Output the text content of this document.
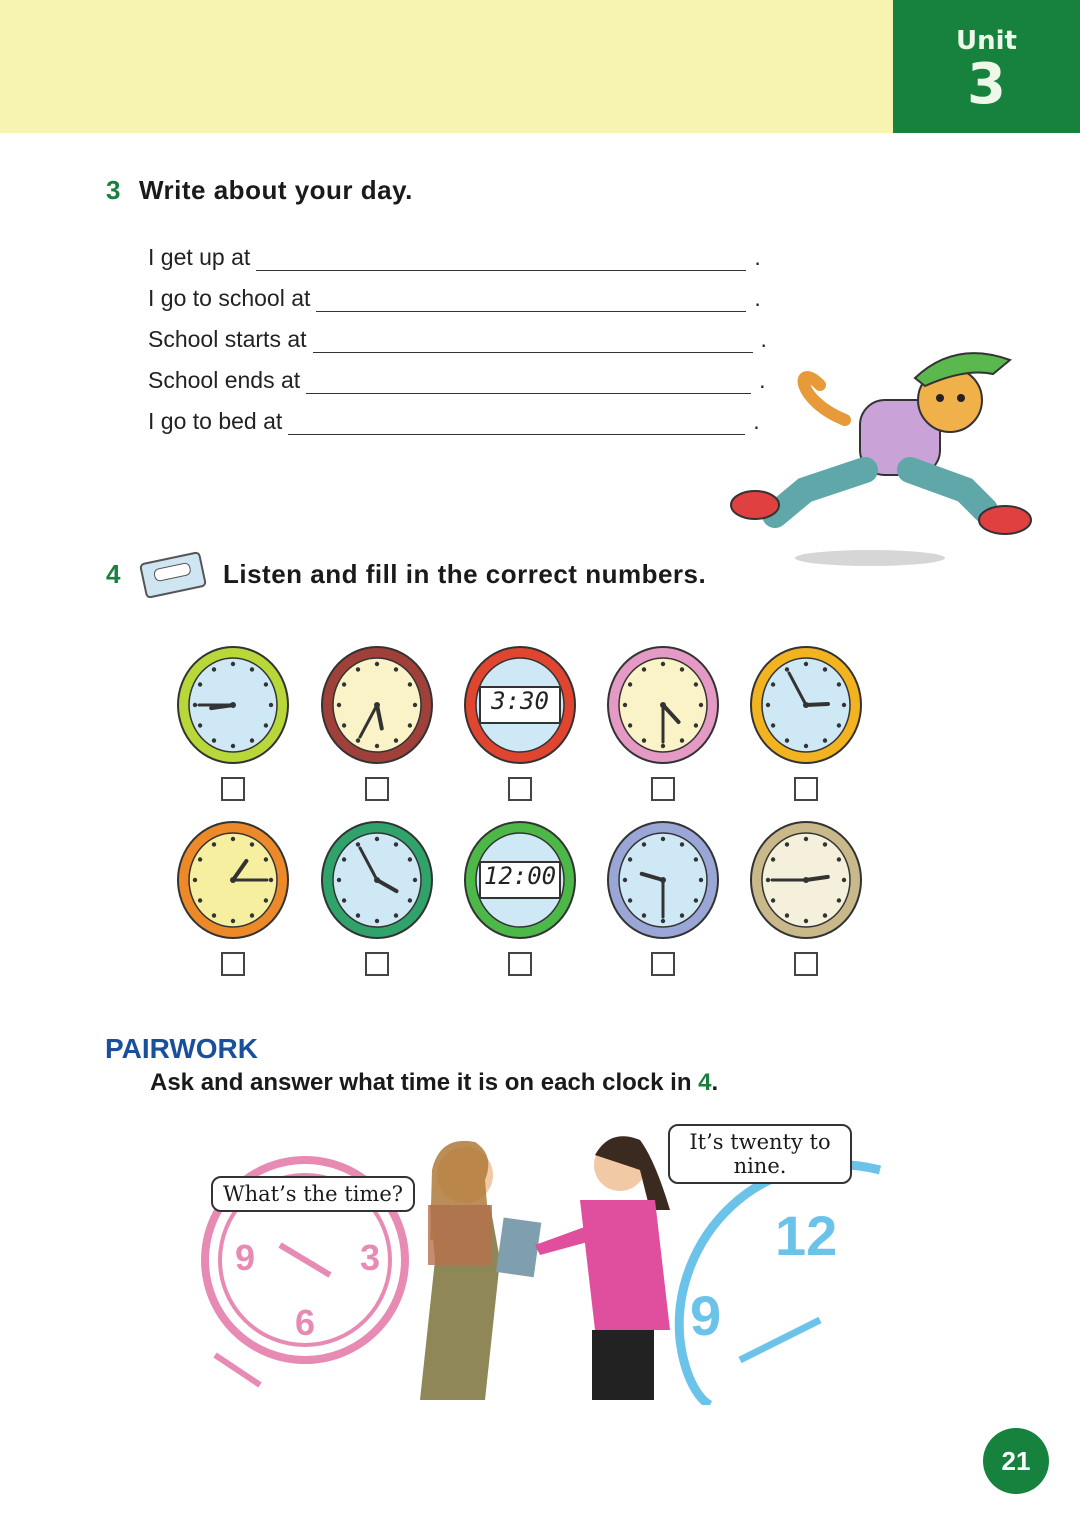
Unit
3
3 Write about your day.
I get up at	.
I go to school at	.
School starts at	.
School ends at	.
I go to bed at	.
4	Listen and fill in the correct numbers.
3:30
12:00
PAIRWORK
Ask and answer what time it is on each clock in 4.
9	3
6
12
9
What’s the time?
It’s twenty to nine.
21
